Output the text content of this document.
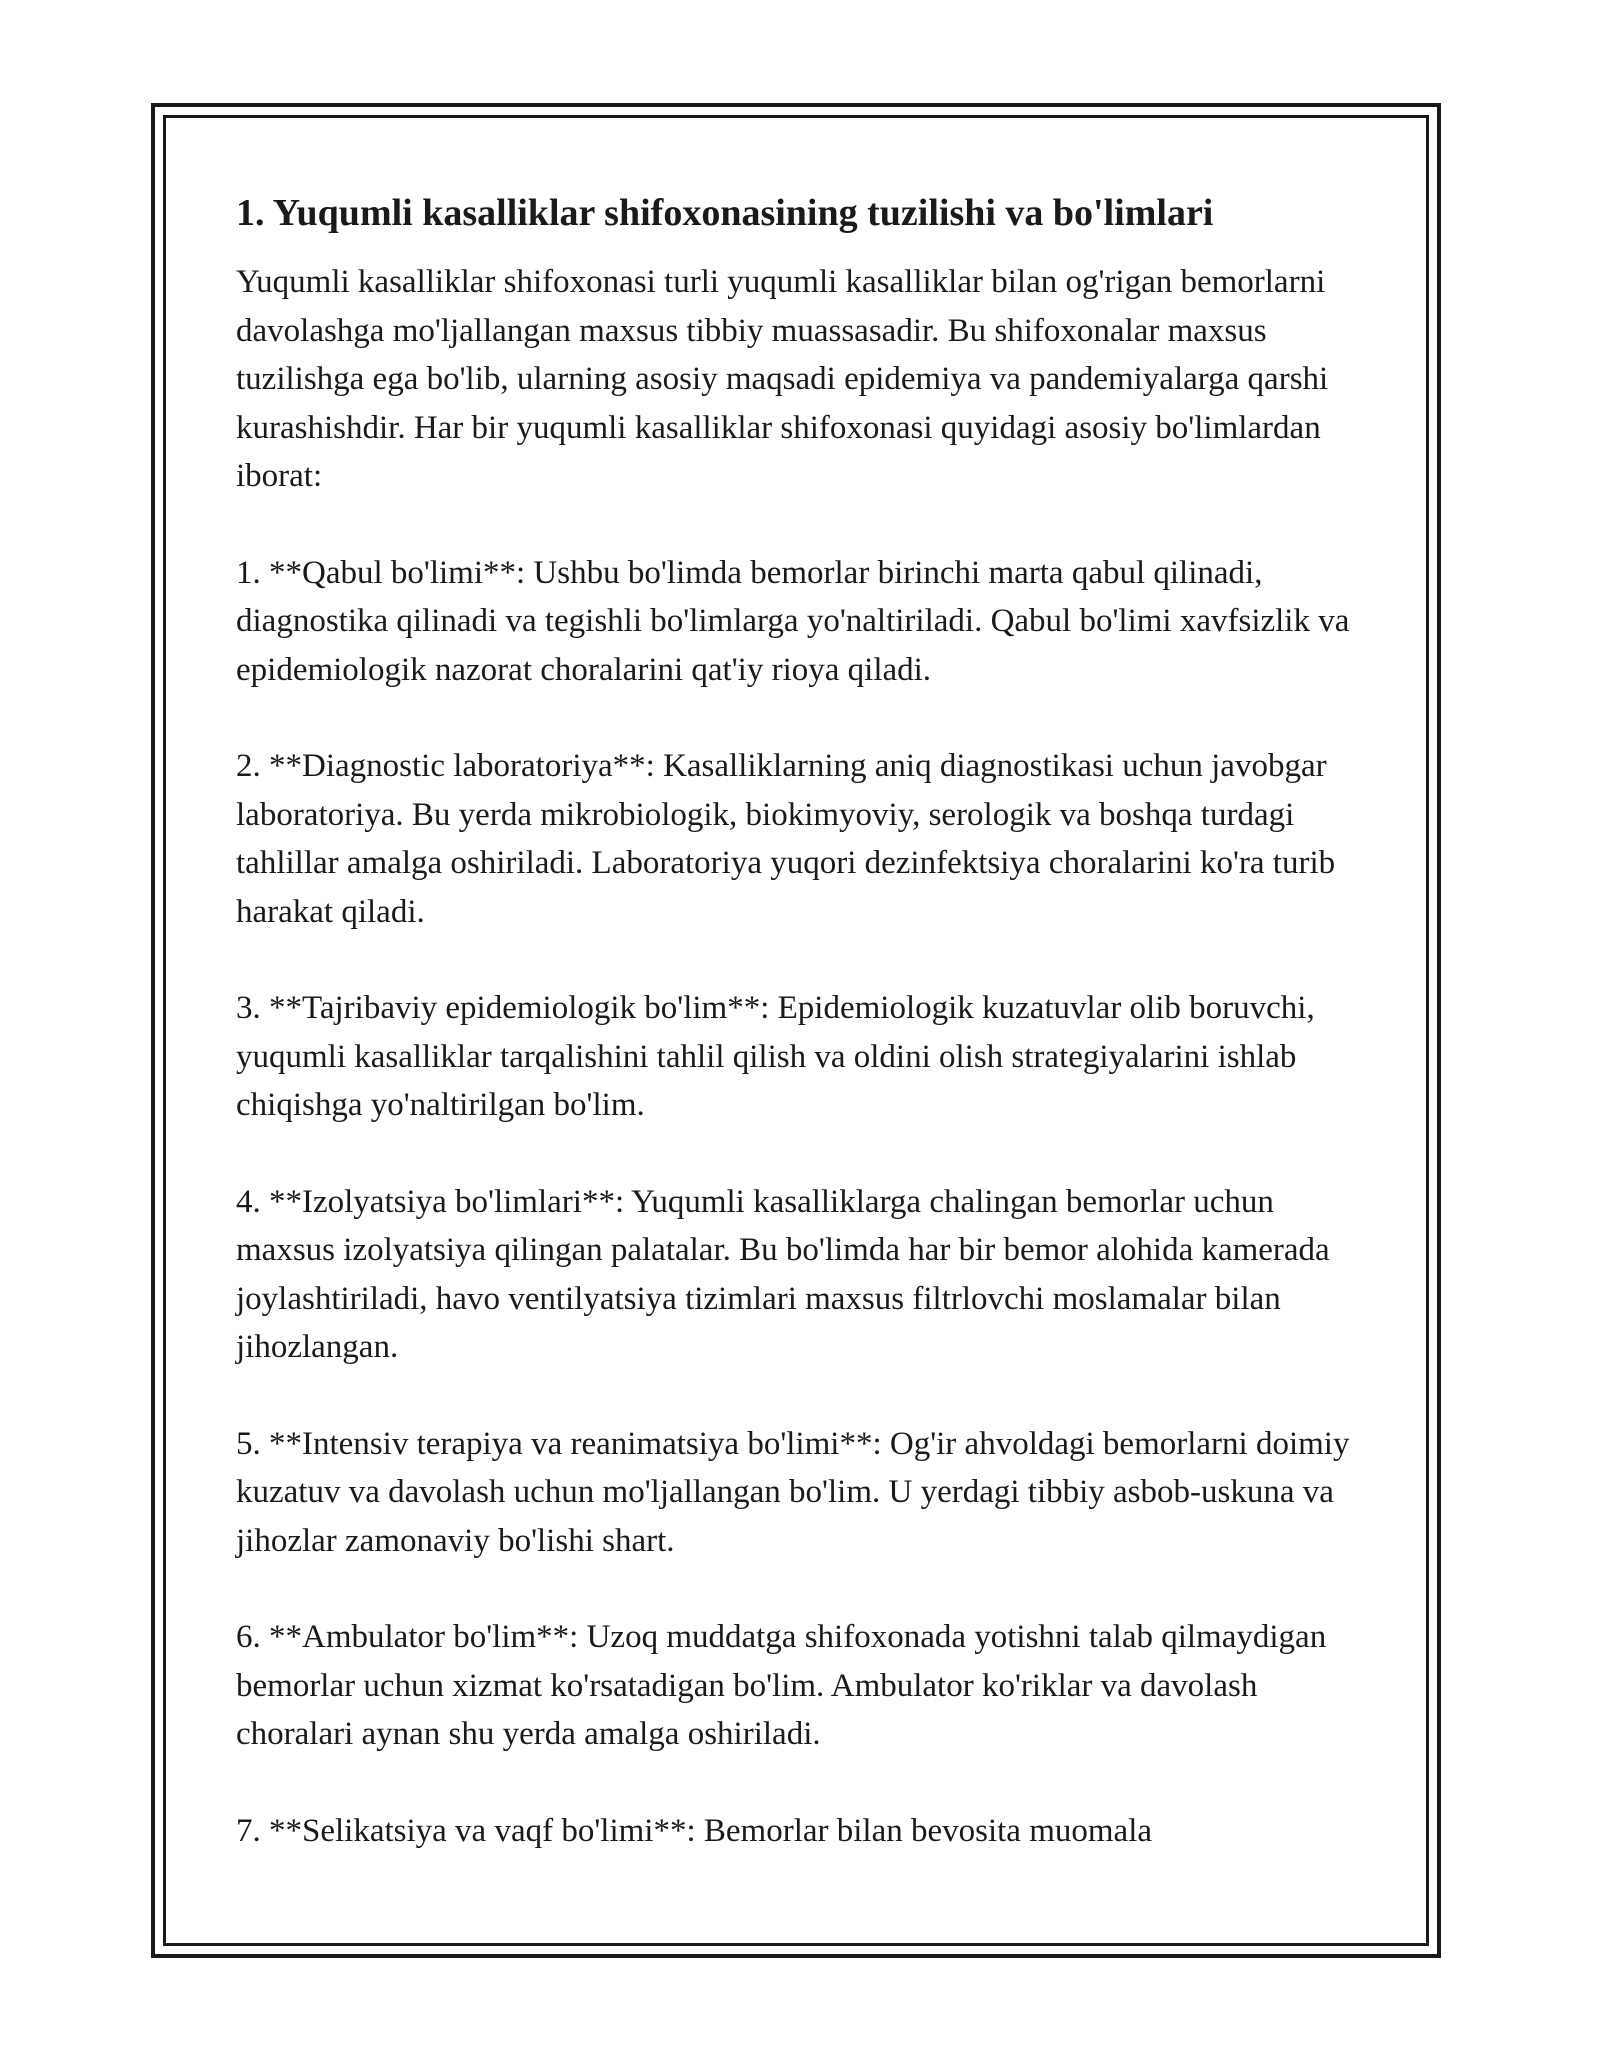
1. Yuqumli kasalliklar shifoxonasining tuzilishi va bo'limlari

Yuqumli kasalliklar shifoxonasi turli yuqumli kasalliklar bilan og'rigan bemorlarni davolashga mo'ljallangan maxsus tibbiy muassasadir. Bu shifoxonalar maxsus tuzilishga ega bo'lib, ularning asosiy maqsadi epidemiya va pandemiyalarga qarshi kurashishdir. Har bir yuqumli kasalliklar shifoxonasi quyidagi asosiy bo'limlardan iborat:

1. **Qabul bo'limi**: Ushbu bo'limda bemorlar birinchi marta qabul qilinadi, diagnostika qilinadi va tegishli bo'limlarga yo'naltiriladi. Qabul bo'limi xavfsizlik va epidemiologik nazorat choralarini qat'iy rioya qiladi.

2. **Diagnostic laboratoriya**: Kasalliklarning aniq diagnostikasi uchun javobgar laboratoriya. Bu yerda mikrobiologik, biokimyoviy, serologik va boshqa turdagi tahlillar amalga oshiriladi. Laboratoriya yuqori dezinfektsiya choralarini ko'ra turib harakat qiladi.

3. **Tajribaviy epidemiologik bo'lim**: Epidemiologik kuzatuvlar olib boruvchi, yuqumli kasalliklar tarqalishini tahlil qilish va oldini olish strategiyalarini ishlab chiqishga yo'naltirilgan bo'lim.

4. **Izolyatsiya bo'limlari**: Yuqumli kasalliklarga chalingan bemorlar uchun maxsus izolyatsiya qilingan palatalar. Bu bo'limda har bir bemor alohida kamerada joylashtiriladi, havo ventilyatsiya tizimlari maxsus filtrlovchi moslamalar bilan jihozlangan.

5. **Intensiv terapiya va reanimatsiya bo'limi**: Og'ir ahvoldagi bemorlarni doimiy kuzatuv va davolash uchun mo'ljallangan bo'lim. U yerdagi tibbiy asbob-uskuna va jihozlar zamonaviy bo'lishi shart.

6. **Ambulator bo'lim**: Uzoq muddatga shifoxonada yotishni talab qilmaydigan bemorlar uchun xizmat ko'rsatadigan bo'lim. Ambulator ko'riklar va davolash choralari aynan shu yerda amalga oshiriladi.

7. **Selikatsiya va vaqf bo'limi**: Bemorlar bilan bevosita muomala
